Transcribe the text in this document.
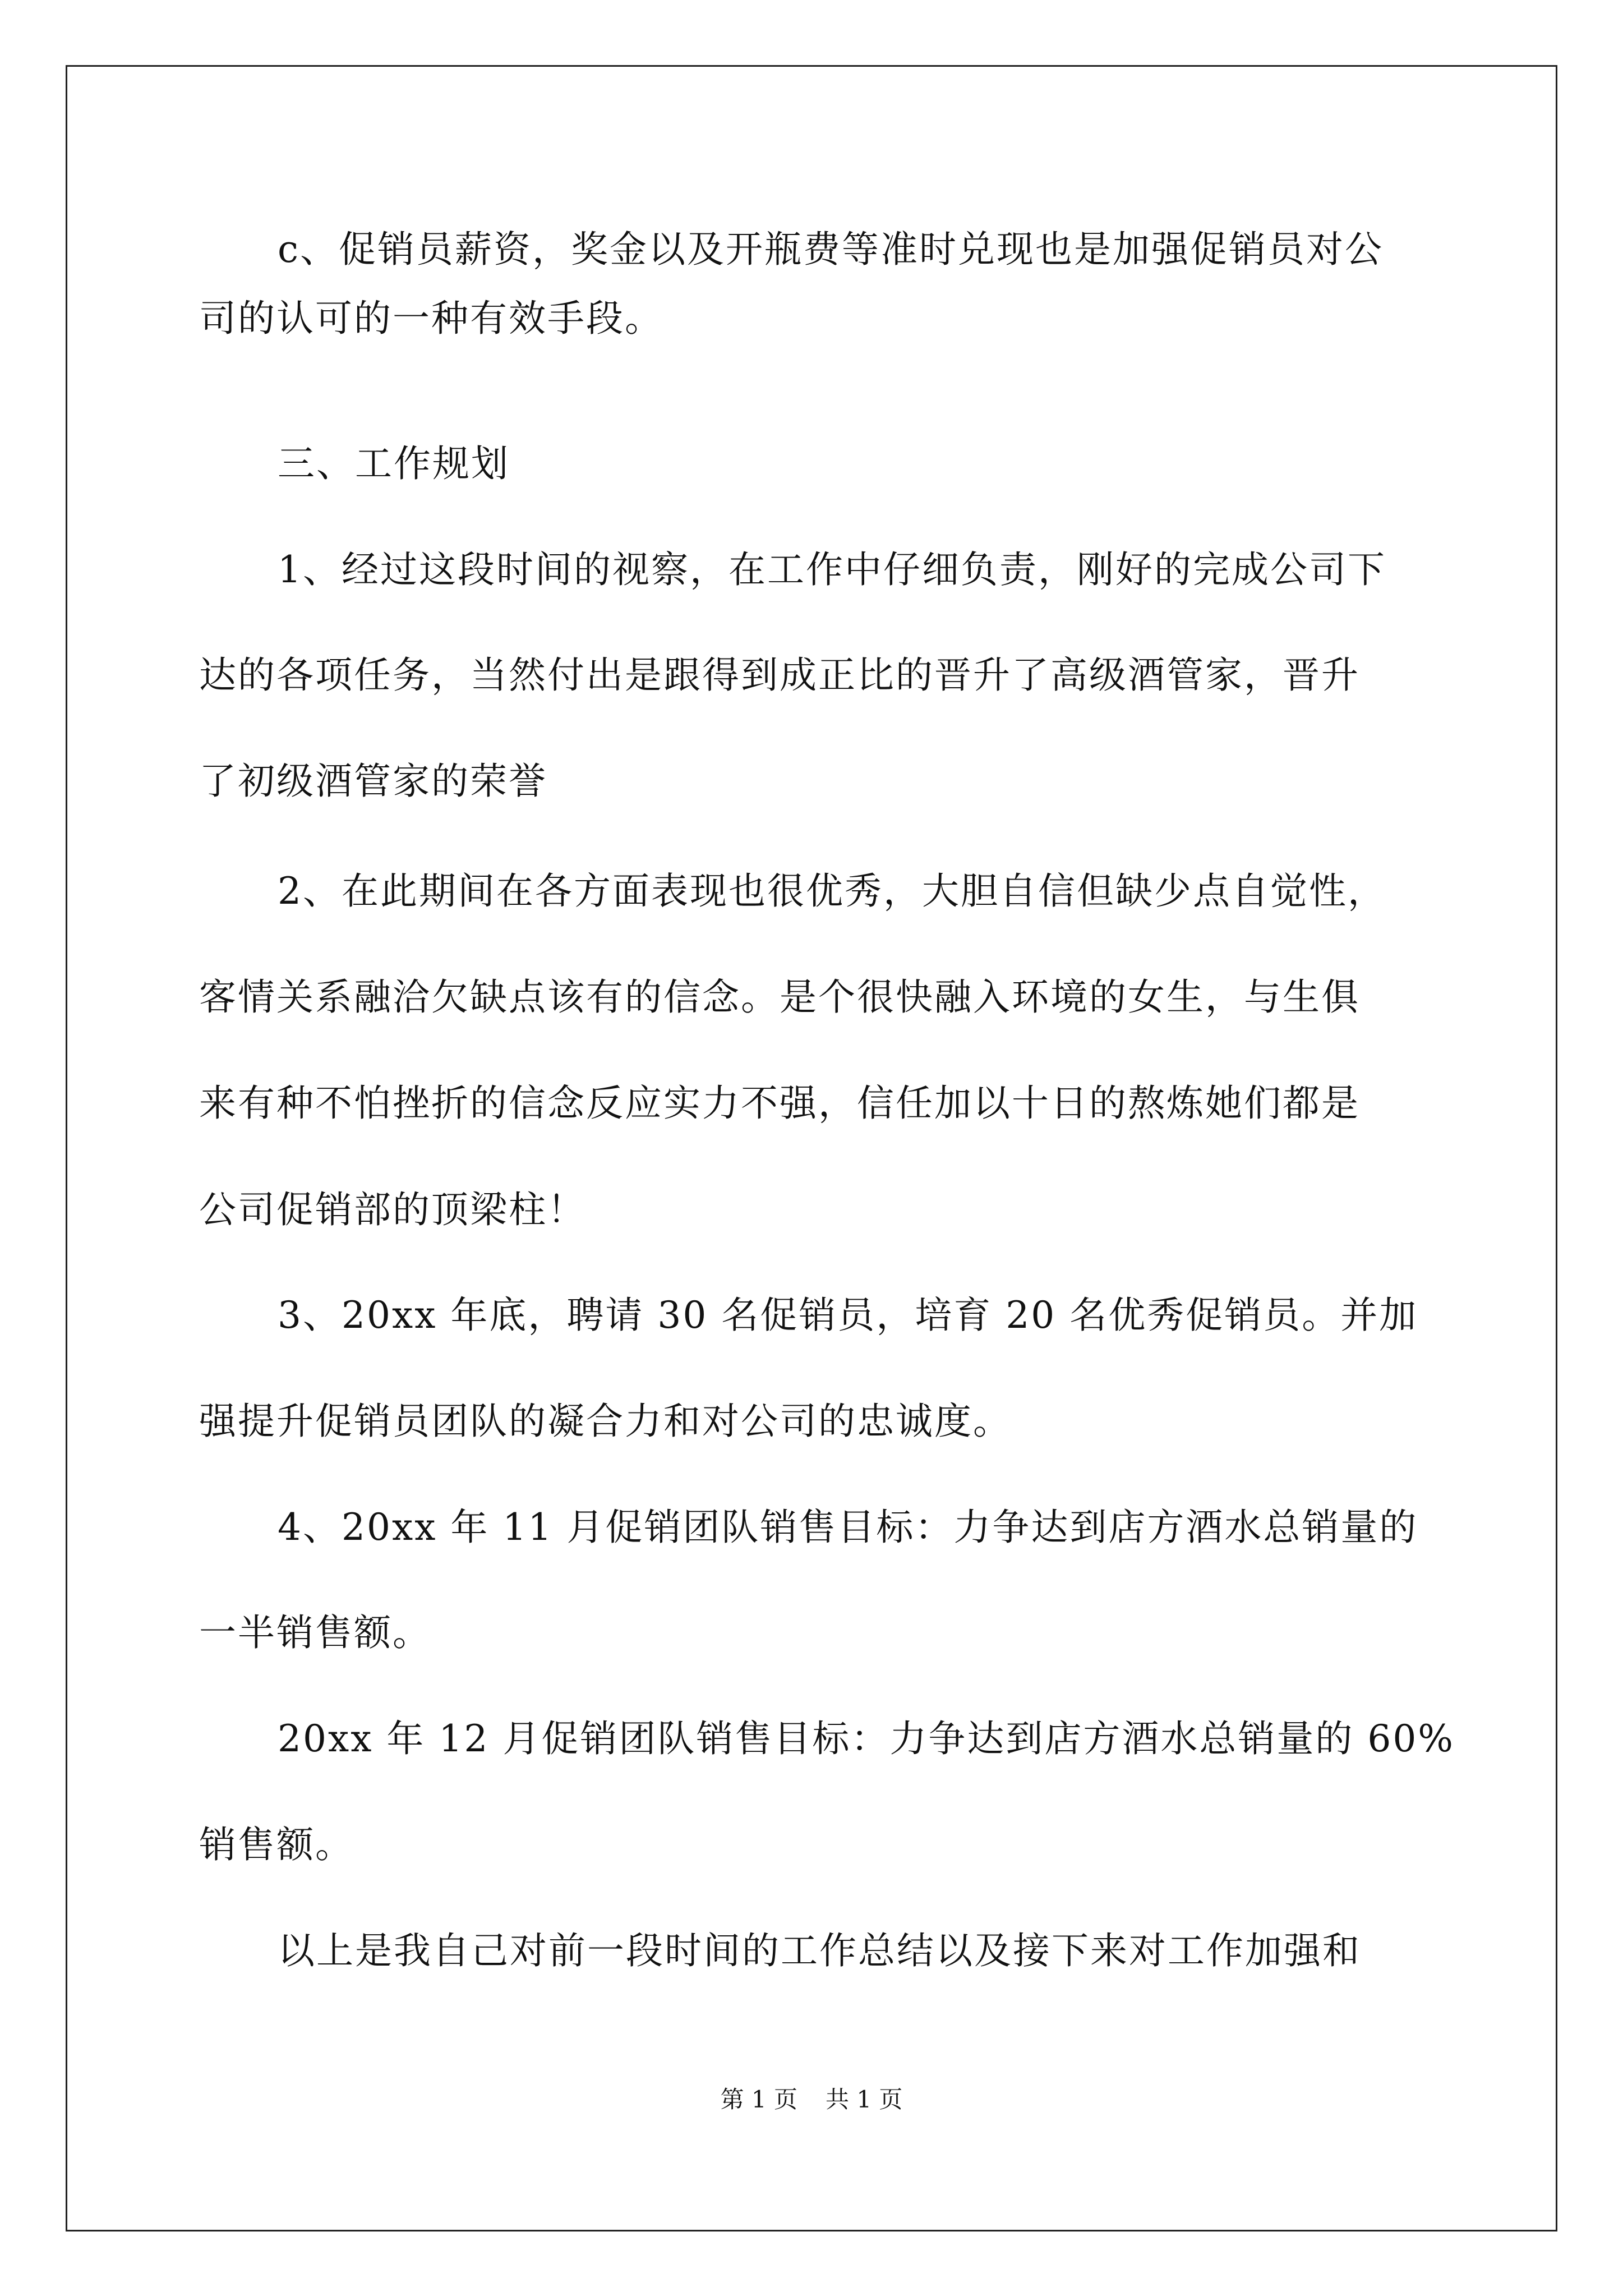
c、促销员薪资，奖金以及开瓶费等准时兑现也是加强促销员对公
司的认可的一种有效手段。
三、工作规划
1、经过这段时间的视察，在工作中仔细负责，刚好的完成公司下
达的各项任务，当然付出是跟得到成正比的晋升了高级酒管家，晋升
了初级酒管家的荣誉
2、在此期间在各方面表现也很优秀，大胆自信但缺少点自觉性，
客情关系融洽欠缺点该有的信念。是个很快融入环境的女生，与生俱
来有种不怕挫折的信念反应实力不强，信任加以十日的熬炼她们都是
公司促销部的顶梁柱！
3、20xx 年底，聘请 30 名促销员，培育 20 名优秀促销员。并加
强提升促销员团队的凝合力和对公司的忠诚度。
4、20xx 年 11 月促销团队销售目标：力争达到店方酒水总销量的
一半销售额。
20xx 年 12 月促销团队销售目标：力争达到店方酒水总销量的 60%
销售额。
以上是我自己对前一段时间的工作总结以及接下来对工作加强和
第 1 页 共 1 页
